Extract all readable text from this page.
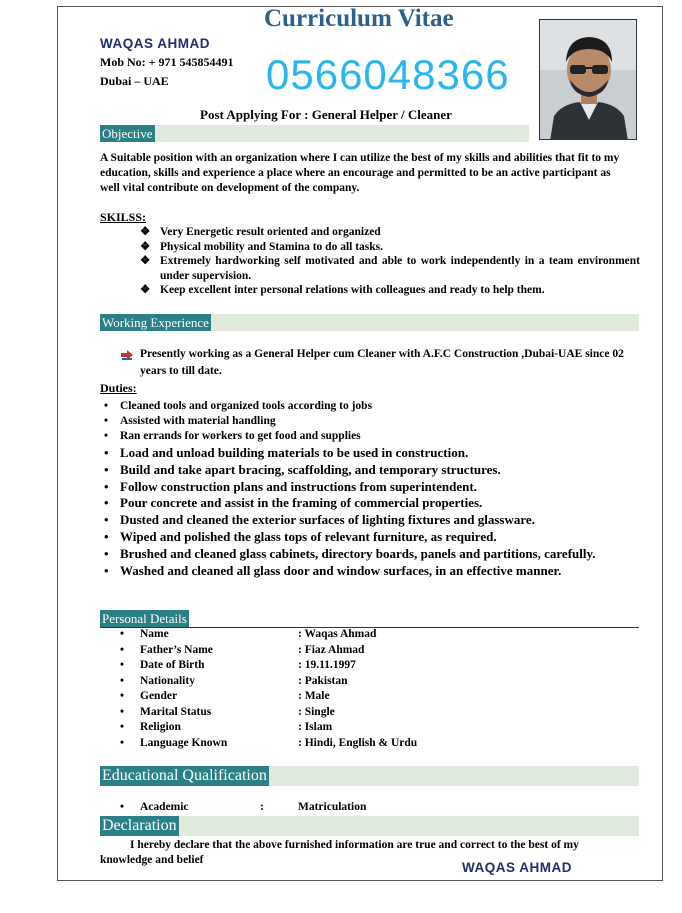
Curriculum Vitae
WAQAS AHMAD
Mob No: + 971 545854491
Dubai – UAE 0566048366
Post Applying For : General Helper / Cleaner
Objective
A Suitable position with an organization where I can utilize the best of my skills and abilities that fit to my education, skills and experience a place where an encourage and permitted to be an active participant as well vital contribute on development of the company.
SKILSS:
❖ Very Energetic result oriented and organized
❖ Physical mobility and Stamina to do all tasks.
❖ Extremely hardworking self motivated and able to work independently in a team environment under supervision.
❖ Keep excellent inter personal relations with colleagues and ready to help them.
Working Experience
Presently working as a General Helper cum Cleaner with A.F.C Construction ,Dubai-UAE since 02 years to till date.
Duties:
• Cleaned tools and organized tools according to jobs
• Assisted with material handling
• Ran errands for workers to get food and supplies
• Load and unload building materials to be used in construction.
• Build and take apart bracing, scaffolding, and temporary structures.
• Follow construction plans and instructions from superintendent.
• Pour concrete and assist in the framing of commercial properties.
• Dusted and cleaned the exterior surfaces of lighting fixtures and glassware.
• Wiped and polished the glass tops of relevant furniture, as required.
• Brushed and cleaned glass cabinets, directory boards, panels and partitions, carefully.
• Washed and cleaned all glass door and window surfaces, in an effective manner.
Personal Details
• Name	: Waqas Ahmad
• Father’s Name	: Fiaz Ahmad
• Date of Birth	: 19.11.1997
• Nationality	: Pakistan
• Gender	: Male
• Marital Status	: Single
• Religion	: Islam
• Language Known	: Hindi, English & Urdu
Educational Qualification
• Academic	:	Matriculation
Declaration
I hereby declare that the above furnished information are true and correct to the best of my knowledge and belief	WAQAS AHMAD
